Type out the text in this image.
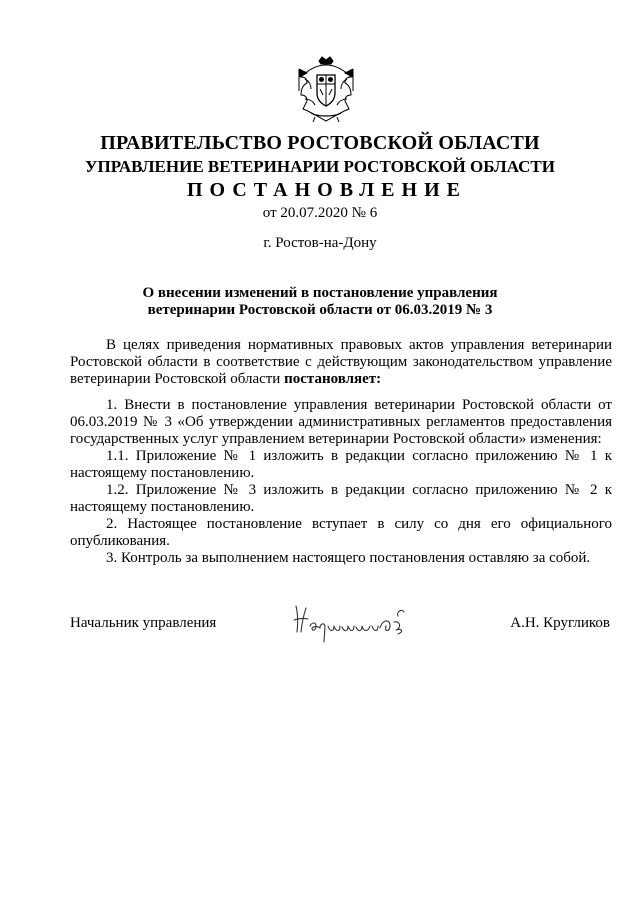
ПРАВИТЕЛЬСТВО РОСТОВСКОЙ ОБЛАСТИ
УПРАВЛЕНИЕ ВЕТЕРИНАРИИ РОСТОВСКОЙ ОБЛАСТИ
ПОСТАНОВЛЕНИЕ
от 20.07.2020 № 6
г. Ростов-на-Дону
О внесении изменений в постановление управления
ветеринарии Ростовской области от 06.03.2019 № 3

В целях приведения нормативных правовых актов управления ветеринарии Ростовской области в соответствие с действующим законодательством управление ветеринарии Ростовской области постановляет:

1. Внести в постановление управления ветеринарии Ростовской области от 06.03.2019 № 3 «Об утверждении административных регламентов предоставления государственных услуг управлением ветеринарии Ростовской области» изменения:

1.1. Приложение № 1 изложить в редакции согласно приложению № 1 к настоящему постановлению.

1.2. Приложение № 3 изложить в редакции согласно приложению № 2 к настоящему постановлению.

2. Настоящее постановление вступает в силу со дня его официального опубликования.

3. Контроль за выполнением настоящего постановления оставляю за собой.

Начальник управления	А.Н. Кругликов
